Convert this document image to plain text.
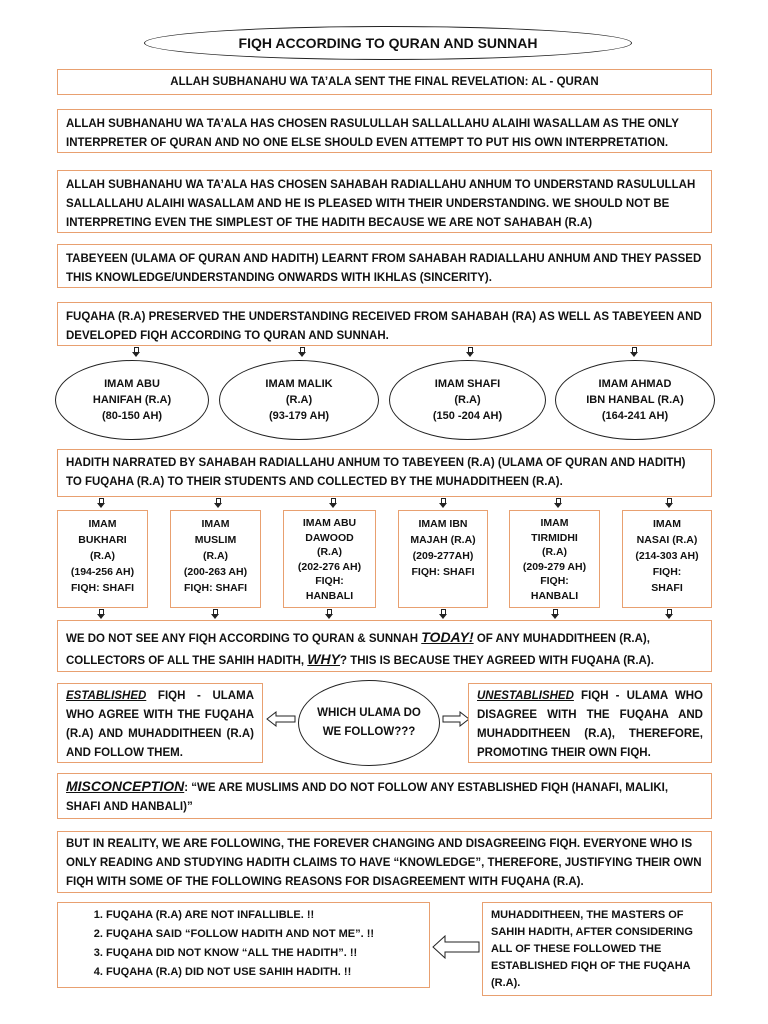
FIQH ACCORDING TO QURAN AND SUNNAH
ALLAH SUBHANAHU WA TA’ALA SENT THE FINAL REVELATION: AL - QURAN
ALLAH SUBHANAHU WA TA’ALA HAS CHOSEN RASULULLAH SALLALLAHU ALAIHI WASALLAM AS THE ONLY INTERPRETER OF QURAN AND NO ONE ELSE SHOULD EVEN ATTEMPT TO PUT HIS OWN INTERPRETATION.
ALLAH SUBHANAHU WA TA’ALA HAS CHOSEN SAHABAH RADIALLAHU ANHUM TO UNDERSTAND RASULULLAH SALLALLAHU ALAIHI WASALLAM AND HE IS PLEASED WITH THEIR UNDERSTANDING. WE SHOULD NOT BE INTERPRETING EVEN THE SIMPLEST OF THE HADITH BECAUSE WE ARE NOT SAHABAH (R.A)
TABEYEEN (ULAMA OF QURAN AND HADITH) LEARNT FROM SAHABAH RADIALLAHU ANHUM AND THEY PASSED THIS KNOWLEDGE/UNDERSTANDING ONWARDS WITH IKHLAS (SINCERITY).
FUQAHA (R.A) PRESERVED THE UNDERSTANDING RECEIVED FROM SAHABAH (RA) AS WELL AS TABEYEEN AND DEVELOPED FIQH ACCORDING TO QURAN AND SUNNAH.
IMAM ABU
HANIFAH (R.A)
(80-150 AH)
IMAM MALIK
(R.A)
(93-179 AH)
IMAM SHAFI
(R.A)
(150 -204 AH)
IMAM AHMAD
IBN HANBAL (R.A)
(164-241 AH)
HADITH NARRATED BY SAHABAH RADIALLAHU ANHUM TO TABEYEEN (R.A) (ULAMA OF QURAN AND HADITH) TO FUQAHA (R.A) TO THEIR STUDENTS AND COLLECTED BY THE MUHADDITHEEN (R.A).
IMAM
BUKHARI
(R.A)
(194-256 AH)
FIQH: SHAFI
IMAM
MUSLIM
(R.A)
(200-263 AH)
FIQH: SHAFI
IMAM ABU
DAWOOD
(R.A)
(202-276 AH)
FIQH:
HANBALI
IMAM IBN
MAJAH (R.A)
(209-277AH)
FIQH: SHAFI
IMAM
TIRMIDHI
(R.A)
(209-279 AH)
FIQH:
HANBALI
IMAM
NASAI (R.A)
(214-303 AH)
FIQH:
SHAFI
WE DO NOT SEE ANY FIQH ACCORDING TO QURAN & SUNNAH TODAY! OF ANY MUHADDITHEEN (R.A),
COLLECTORS OF ALL THE SAHIH HADITH, WHY? THIS IS BECAUSE THEY AGREED WITH FUQAHA (R.A).
ESTABLISHED FIQH - ULAMA WHO AGREE WITH THE FUQAHA (R.A) AND MUHADDITHEEN (R.A) AND FOLLOW THEM.
WHICH ULAMA DO WE FOLLOW???
UNESTABLISHED FIQH - ULAMA WHO DISAGREE WITH THE FUQAHA AND MUHADDITHEEN (R.A), THEREFORE, PROMOTING THEIR OWN FIQH.
MISCONCEPTION: “WE ARE MUSLIMS AND DO NOT FOLLOW ANY ESTABLISHED FIQH (HANAFI, MALIKI, SHAFI AND HANBALI)”
BUT IN REALITY, WE ARE FOLLOWING, THE FOREVER CHANGING AND DISAGREEING FIQH. EVERYONE WHO IS ONLY READING AND STUDYING HADITH CLAIMS TO HAVE “KNOWLEDGE”, THEREFORE, JUSTIFYING THEIR OWN FIQH WITH SOME OF THE FOLLOWING REASONS FOR DISAGREEMENT WITH FUQAHA (R.A).
1. FUQAHA (R.A) ARE NOT INFALLIBLE. !!
2. FUQAHA SAID “FOLLOW HADITH AND NOT ME”. !!
3. FUQAHA DID NOT KNOW “ALL THE HADITH”. !!
4. FUQAHA (R.A) DID NOT USE SAHIH HADITH. !!
MUHADDITHEEN, THE MASTERS OF SAHIH HADITH, AFTER CONSIDERING ALL OF THESE FOLLOWED THE ESTABLISHED FIQH OF THE FUQAHA (R.A).
